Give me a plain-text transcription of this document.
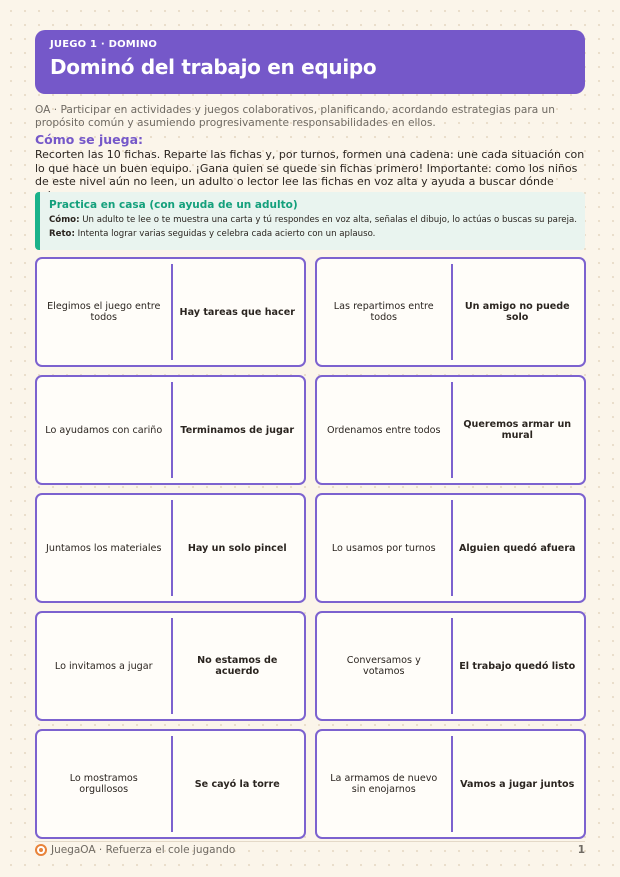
JUEGO 1 · DOMINO
Dominó del trabajo en equipo
OA · Participar en actividades y juegos colaborativos, planificando, acordando estrategias para un propósito común y asumiendo progresivamente responsabilidades en ellos.
Cómo se juega:
Recorten las 10 fichas. Reparte las fichas y, por turnos, formen una cadena: une cada situación con lo que hace un buen equipo. ¡Gana quien se quede sin fichas primero! Importante: como los niños de este nivel aún no leen, un adulto o lector lee las fichas en voz alta y ayuda a buscar dónde
Practica en casa (con ayuda de un adulto)
Cómo: Un adulto te lee o te muestra una carta y tú respondes en voz alta, señalas el dibujo, lo actúas o buscas su pareja.
Reto: Intenta lograr varias seguidas y celebra cada acierto con un aplauso.
Elegimos el juego entre todos	Hay tareas que hacer	Las repartimos entre todos
Un amigo no puede solo
Lo ayudamos con cariño	Terminamos de jugar	Ordenamos entre todos	Queremos armar un mural
Juntamos los materiales	Hay un solo pincel	Lo usamos por turnos	Alguien quedó afuera
Lo invitamos a jugar	No estamos de acuerdo
Conversamos y votamos	El trabajo quedó listo
Lo mostramos orgullosos	Se cayó la torre	La armamos de nuevo sin enojarnos	Vamos a jugar juntos
JuegaOA · Refuerza el cole jugando	1
